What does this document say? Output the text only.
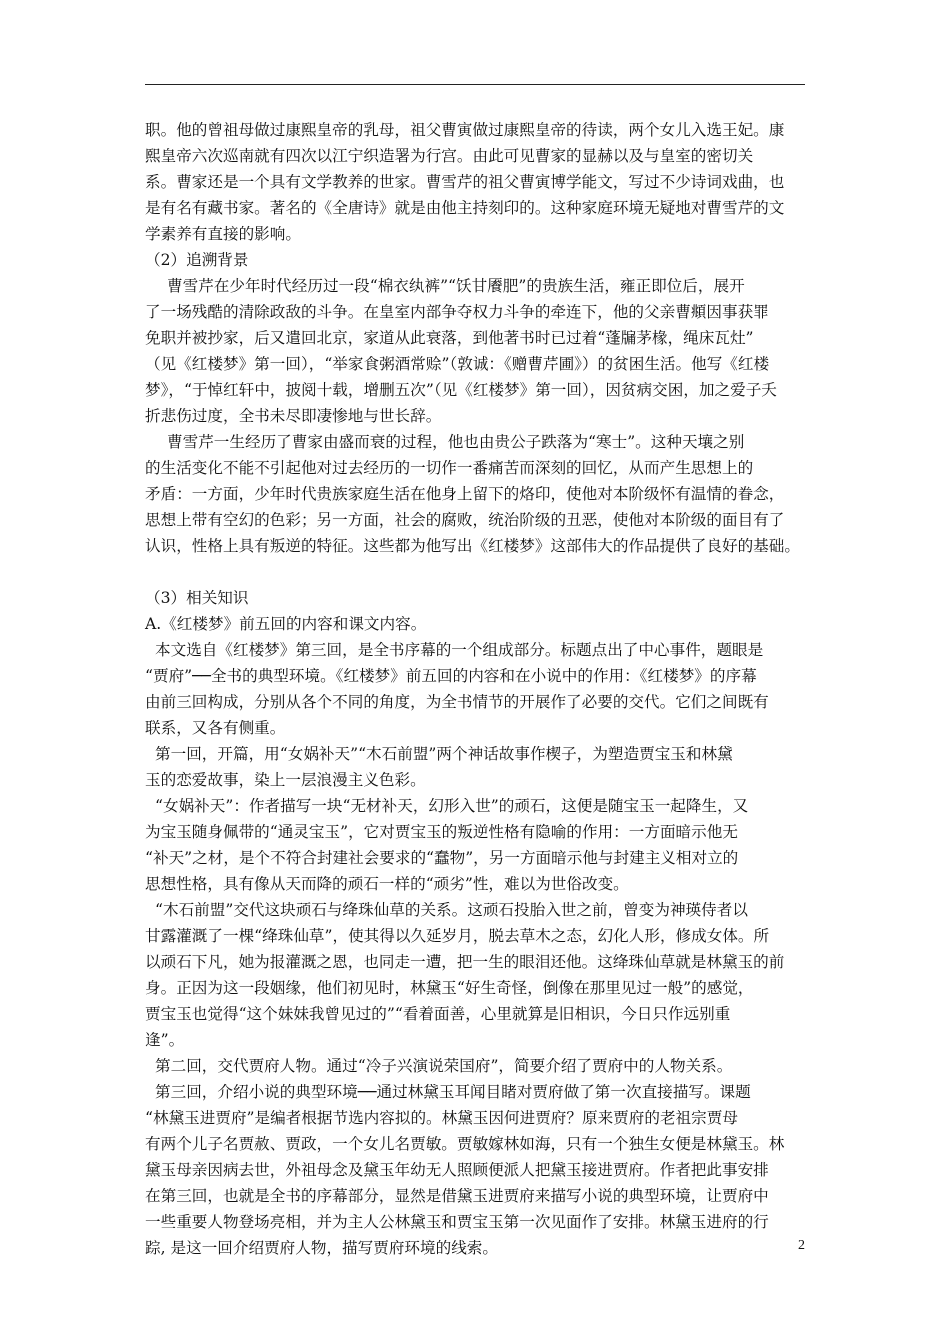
职。他的曾祖母做过康熙皇帝的乳母，祖父曹寅做过康熙皇帝的待读，两个女儿入选王妃。康

熙皇帝六次巡南就有四次以江宁织造署为行宫。由此可见曹家的显赫以及与皇室的密切关

系。曹家还是一个具有文学教养的世家。曹雪芹的祖父曹寅博学能文，写过不少诗词戏曲，也

是有名有藏书家。著名的《全唐诗》就是由他主持刻印的。这种家庭环境无疑地对曹雪芹的文

学素养有直接的影响。

（2）追溯背景

曹雪芹在少年时代经历过一段“棉衣纨裤”“饫甘餍肥”的贵族生活，雍正即位后，展开

了一场残酷的清除政敌的斗争。在皇室内部争夺权力斗争的牵连下，他的父亲曹頫因事获罪

免职并被抄家，后又遣回北京，家道从此衰落，到他著书时已过着“蓬牖茅椽，绳床瓦灶”

（见《红楼梦》第一回），“举家食粥酒常赊”（敦诚：《赠曹芹圃》）的贫困生活。他写《红楼

梦》，“于悼红轩中，披阅十载，增删五次”（见《红楼梦》第一回），因贫病交困，加之爱子夭

折悲伤过度，全书未尽即凄惨地与世长辞。

曹雪芹一生经历了曹家由盛而衰的过程，他也由贵公子跌落为“寒士”。这种天壤之别

的生活变化不能不引起他对过去经历的一切作一番痛苦而深刻的回忆，从而产生思想上的

矛盾：一方面，少年时代贵族家庭生活在他身上留下的烙印，使他对本阶级怀有温情的眷念，

思想上带有空幻的色彩；另一方面，社会的腐败，统治阶级的丑恶，使他对本阶级的面目有了

认识，性格上具有叛逆的特征。这些都为他写出《红楼梦》这部伟大的作品提供了良好的基础。

（3）相关知识

A.《红楼梦》前五回的内容和课文内容。

本文选自《红楼梦》第三回，是全书序幕的一个组成部分。标题点出了中心事件，题眼是

“贾府”──全书的典型环境。《红楼梦》前五回的内容和在小说中的作用：《红楼梦》的序幕

由前三回构成，分别从各个不同的角度，为全书情节的开展作了必要的交代。它们之间既有

联系，又各有侧重。

第一回，开篇，用“女娲补天”“木石前盟”两个神话故事作楔子，为塑造贾宝玉和林黛

玉的恋爱故事，染上一层浪漫主义色彩。

“女娲补天”：作者描写一块“无材补天，幻形入世”的顽石，这便是随宝玉一起降生，又

为宝玉随身佩带的“通灵宝玉”，它对贾宝玉的叛逆性格有隐喻的作用：一方面暗示他无

“补天”之材，是个不符合封建社会要求的“蠢物”，另一方面暗示他与封建主义相对立的

思想性格，具有像从天而降的顽石一样的“顽劣”性，难以为世俗改变。

“木石前盟”交代这块顽石与绛珠仙草的关系。这顽石投胎入世之前，曾变为神瑛侍者以

甘露灌溉了一棵“绛珠仙草”，使其得以久延岁月，脱去草木之态，幻化人形，修成女体。所

以顽石下凡，她为报灌溉之恩，也同走一遭，把一生的眼泪还他。这绛珠仙草就是林黛玉的前

身。正因为这一段姻缘，他们初见时，林黛玉“好生奇怪，倒像在那里见过一般”的感觉，

贾宝玉也觉得“这个妹妹我曾见过的”“看着面善，心里就算是旧相识，今日只作远别重

逢”。

第二回，交代贾府人物。通过“冷子兴演说荣国府”，简要介绍了贾府中的人物关系。

第三回，介绍小说的典型环境──通过林黛玉耳闻目睹对贾府做了第一次直接描写。课题

“林黛玉进贾府”是编者根据节选内容拟的。林黛玉因何进贾府？原来贾府的老祖宗贾母

有两个儿子名贾赦、贾政，一个女儿名贾敏。贾敏嫁林如海，只有一个独生女便是林黛玉。林

黛玉母亲因病去世，外祖母念及黛玉年幼无人照顾便派人把黛玉接进贾府。作者把此事安排

在第三回，也就是全书的序幕部分，显然是借黛玉进贾府来描写小说的典型环境，让贾府中

一些重要人物登场亮相，并为主人公林黛玉和贾宝玉第一次见面作了安排。林黛玉进府的行

踪, 是这一回介绍贾府人物，描写贾府环境的线索。	2
